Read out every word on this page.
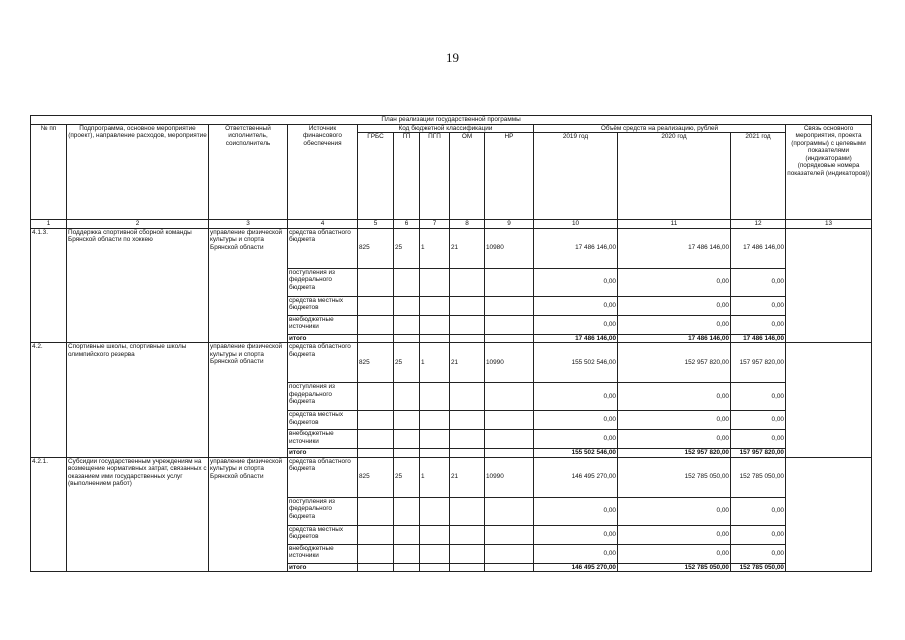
19
План реализации государственной программы												
№ пп	Подпрограмма, основное мероприятие (проект), направление расходов, мероприятие	Ответственный исполнитель, соисполнитель	Источник финансового обеспечения	Код бюджетной классификации					Объём средств на реализацию, рублей			Связь основного мероприятия, проекта (программы) с целевыми показателями (индикаторами) (порядковые номера показателей (индикаторов))
				ГРБС	ГП	ПГП	ОМ	НР	2019 год	2020 год	2021 год	
1	2	3	4	5	6	7	8	9	10	11	12	13
4.1.3.	Поддержка спортивной сборной команды Брянской области по хоккею	управление физической культуры и спорта Брянской области	средства областного бюджета	825	25	1	21	10980	17 486 146,00	17 486 146,00	17 486 146,00	
			поступления из федерального бюджета						0,00	0,00	0,00	
			средства местных бюджетов						0,00	0,00	0,00	
			внебюджетные источники						0,00	0,00	0,00	
			итого						17 486 146,00	17 486 146,00	17 486 146,00	
4.2.	Спортивные школы, спортивные школы олимпийского резерва	управление физической культуры и спорта Брянской области	средства областного бюджета	825	25	1	21	10990	155 502 546,00	152 957 820,00	157 957 820,00	
			поступления из федерального бюджета						0,00	0,00	0,00	
			средства местных бюджетов						0,00	0,00	0,00	
			внебюджетные источники						0,00	0,00	0,00	
			итого						155 502 546,00	152 957 820,00	157 957 820,00	
4.2.1.	Субсидии государственным учреждениям на возмещение нормативных затрат, связанных с оказанием ими государственных услуг (выполнением работ)	управление физической культуры и спорта Брянской области	средства областного бюджета	825	25	1	21	10990	146 495 270,00	152 785 050,00	152 785 050,00	
			поступления из федерального бюджета						0,00	0,00	0,00	
			средства местных бюджетов						0,00	0,00	0,00	
			внебюджетные источники						0,00	0,00	0,00	
			итого						146 495 270,00	152 785 050,00	152 785 050,00	
